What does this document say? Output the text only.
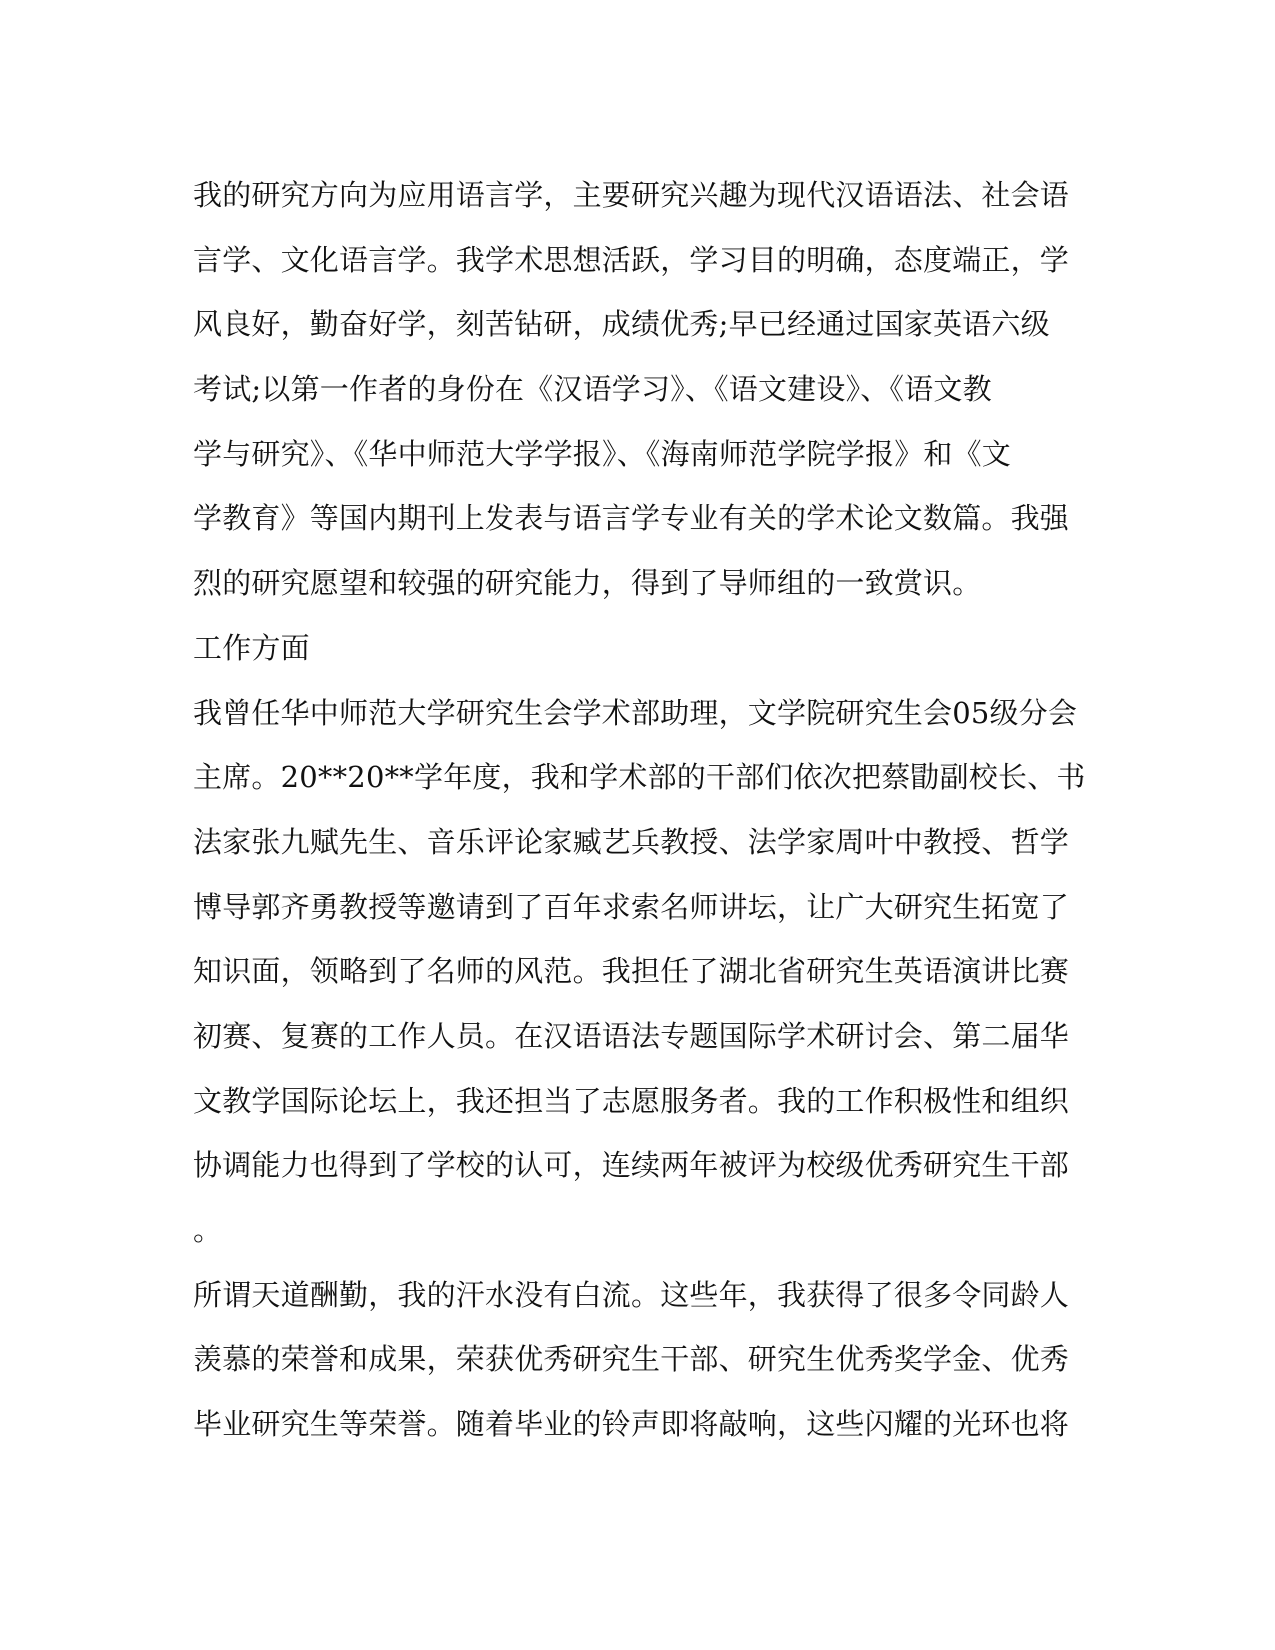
我的研究方向为应用语言学，主要研究兴趣为现代汉语语法、社会语
言学、文化语言学。我学术思想活跃，学习目的明确，态度端正，学
风良好，勤奋好学，刻苦钻研，成绩优秀;早已经通过国家英语六级
考试;以第一作者的身份在《汉语学习》、《语文建设》、《语文教
学与研究》、《华中师范大学学报》、《海南师范学院学报》和《文
学教育》等国内期刊上发表与语言学专业有关的学术论文数篇。我强
烈的研究愿望和较强的研究能力，得到了导师组的一致赏识。
工作方面
我曾任华中师范大学研究生会学术部助理，文学院研究生会05级分会
主席。20**20**学年度，我和学术部的干部们依次把蔡勖副校长、书
法家张九赋先生、音乐评论家臧艺兵教授、法学家周叶中教授、哲学
博导郭齐勇教授等邀请到了百年求索名师讲坛，让广大研究生拓宽了
知识面，领略到了名师的风范。我担任了湖北省研究生英语演讲比赛
初赛、复赛的工作人员。在汉语语法专题国际学术研讨会、第二届华
文教学国际论坛上，我还担当了志愿服务者。我的工作积极性和组织
协调能力也得到了学校的认可，连续两年被评为校级优秀研究生干部
。
所谓天道酬勤，我的汗水没有白流。这些年，我获得了很多令同龄人
羡慕的荣誉和成果，荣获优秀研究生干部、研究生优秀奖学金、优秀
毕业研究生等荣誉。随着毕业的铃声即将敲响，这些闪耀的光环也将
